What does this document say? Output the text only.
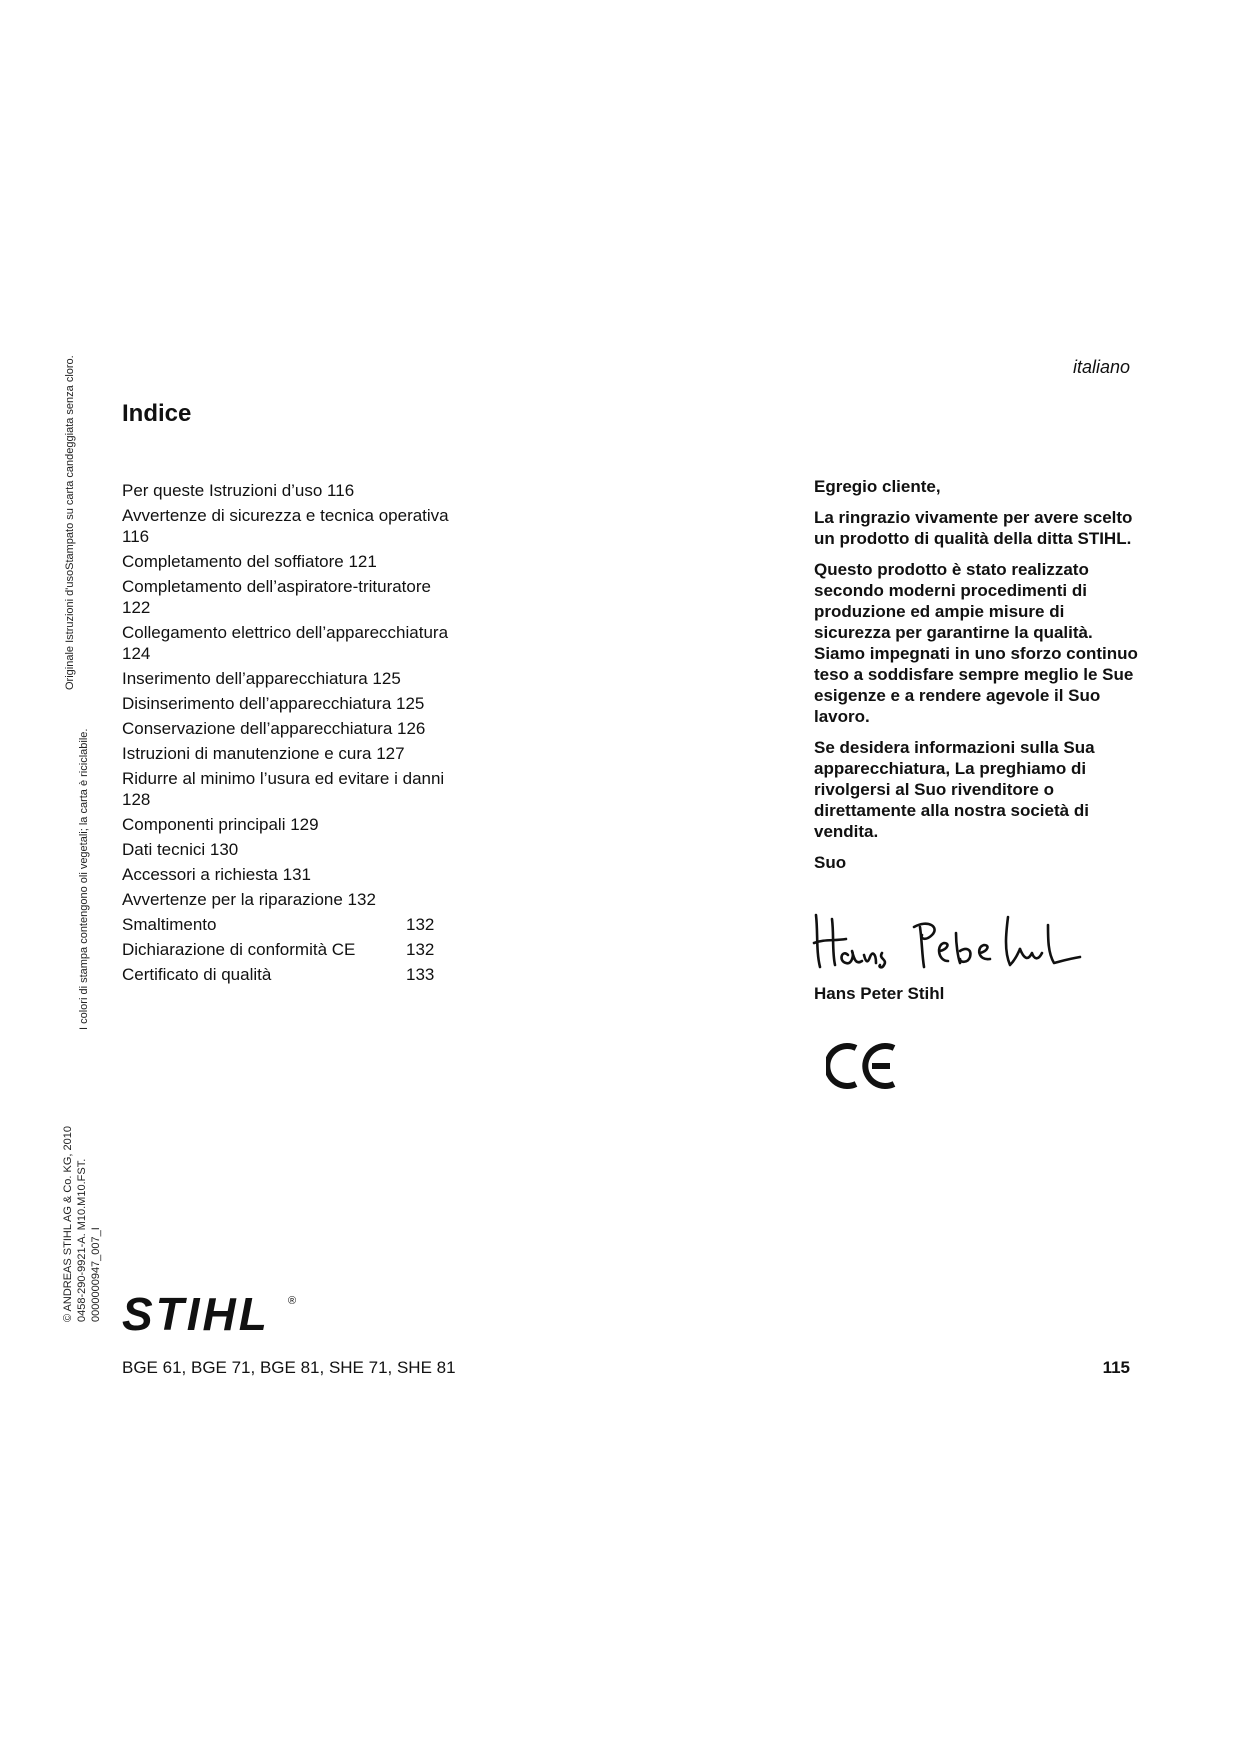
Originale Istruzioni d'usoStampato su carta candeggiata senza cloro.
I colori di stampa contengono oli vegetali; la carta è riciclabile.
© ANDREAS STIHL AG & Co. KG, 2010 0458-290-9921-A. M10.M10.FST. 0000000947_007_I
italiano
Indice
Per queste Istruzioni d’uso 116
Avvertenze di sicurezza e tecnica operativa 116
Completamento del soffiatore 121
Completamento dell’aspiratore-trituratore 122
Collegamento elettrico dell’apparecchiatura 124
Inserimento dell’apparecchiatura 125
Disinserimento dell’apparecchiatura 125
Conservazione dell’apparecchiatura 126
Istruzioni di manutenzione e cura 127
Ridurre al minimo l’usura ed evitare i danni 128
Componenti principali 129
Dati tecnici 130
Accessori a richiesta 131
Avvertenze per la riparazione 132
Smaltimento	132
Dichiarazione di conformità CE	132
Certificato di qualità	133

Egregio cliente,

La ringrazio vivamente per avere scelto un prodotto di qualità della ditta STIHL.

Questo prodotto è stato realizzato secondo moderni procedimenti di produzione ed ampie misure di sicurezza per garantirne la qualità. Siamo impegnati in uno sforzo continuo teso a soddisfare sempre meglio le Sue esigenze e a rendere agevole il Suo lavoro.

Se desidera informazioni sulla Sua apparecchiatura, La preghiamo di rivolgersi al Suo rivenditore o direttamente alla nostra società di vendita.

Suo

Hans Peter Stihl
Hans Peter Stihl
CE
STIHL ®
BGE 61, BGE 71, BGE 81, SHE 71, SHE 81	115
